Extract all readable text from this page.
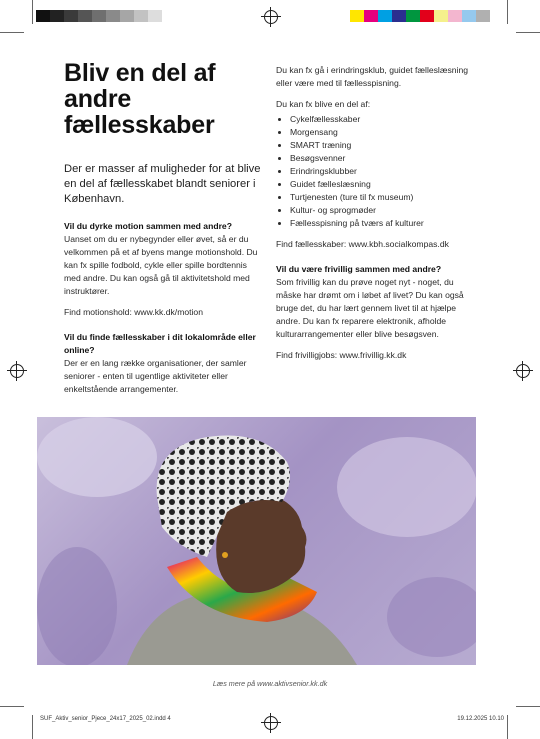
Bliv en del af andre fællesskaber
Der er masser af muligheder for at blive en del af fællesskabet blandt seniorer i København.

Vil du dyrke motion sammen med andre?

Uanset om du er nybegynder eller øvet, så er du velkommen på et af byens mange motionshold. Du kan fx spille fodbold, cykle eller spille bordtennis med andre. Du kan også gå til aktivitetshold med instruktører.

Find motionshold: www.kk.dk/motion

Vil du finde fællesskaber i dit lokalområde eller online?

Der er en lang række organisationer, der samler seniorer - enten til ugentlige aktiviteter eller enkeltstående arrangementer.

Du kan fx gå i erindringsklub, guidet fælleslæsning eller være med til fællesspisning.

Du kan fx blive en del af:

• Cykelfællesskaber
• Morgensang
• SMART træning
• Besøgsvenner
• Erindringsklubber
• Guidet fælleslæsning
• Turtjenesten (ture til fx museum)
• Kultur- og sprogmøder
• Fællesspisning på tværs af kulturer

Find fællesskaber: www.kbh.socialkompas.dk

Vil du være frivillig sammen med andre?

Som frivillig kan du prøve noget nyt - noget, du måske har drømt om i løbet af livet? Du kan også bruge det, du har lært gennem livet til at hjælpe andre. Du kan fx reparere elektronik, afholde kulturarrangementer eller blive besøgsven.

Find frivilligjobs: www.frivillig.kk.dk

Læs mere på www.aktivsenior.kk.dk
SUF_Aktiv_senior_Pjece_24x17_2025_02.indd 4	19.12.2025 10.10
